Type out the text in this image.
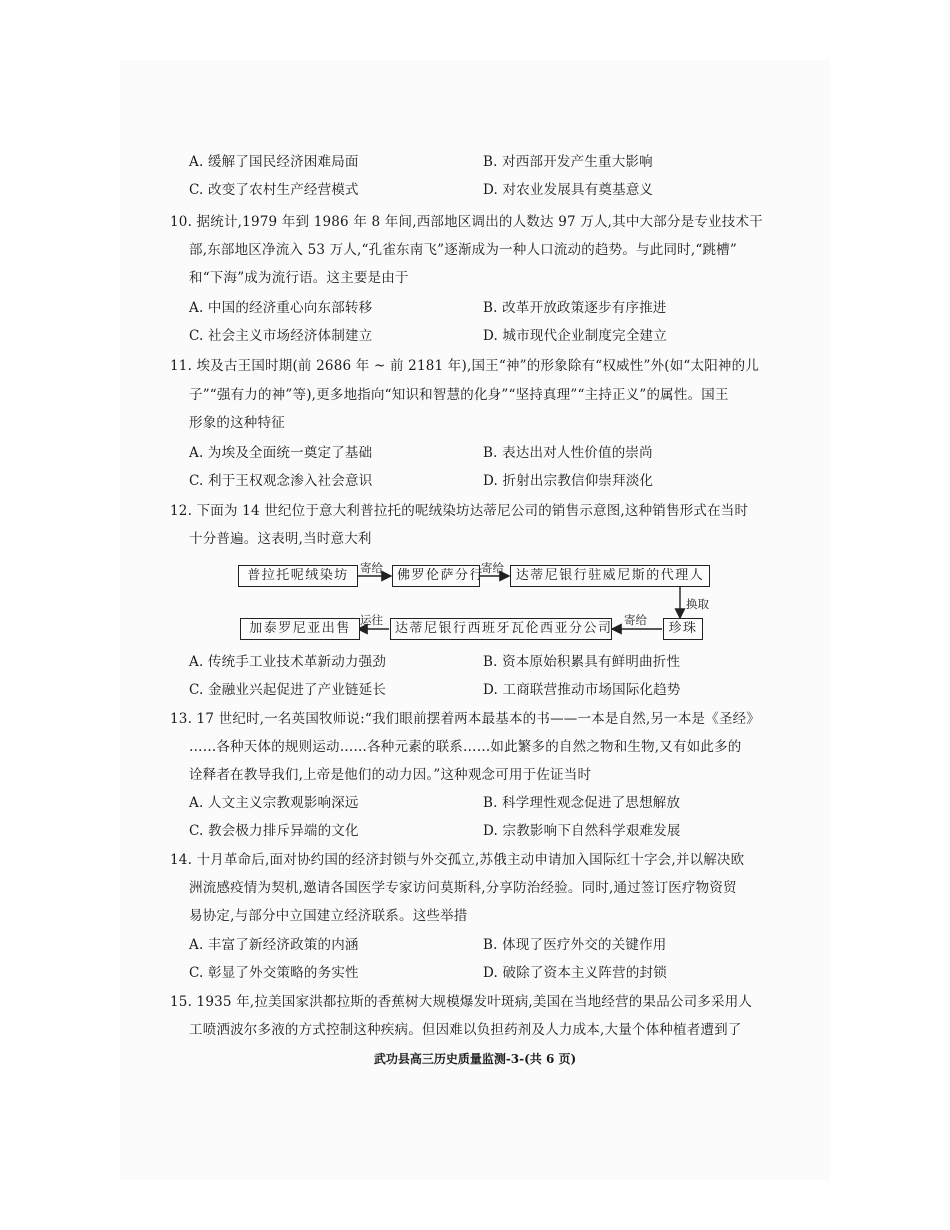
A. 缓解了国民经济困难局面	B. 对西部开发产生重大影响
C. 改变了农村生产经营模式	D. 对农业发展具有奠基意义
10. 据统计,1979 年到 1986 年 8 年间,西部地区调出的人数达 97 万人,其中大部分是专业技术干
部,东部地区净流入 53 万人,“孔雀东南飞”逐渐成为一种人口流动的趋势。与此同时,“跳槽”
和“下海”成为流行语。这主要是由于
A. 中国的经济重心向东部转移	B. 改革开放政策逐步有序推进
C. 社会主义市场经济体制建立	D. 城市现代企业制度完全建立
11. 埃及古王国时期(前 2686 年 ~ 前 2181 年),国王“神”的形象除有“权威性”外(如“太阳神的儿
子”“强有力的神”等),更多地指向“知识和智慧的化身”“坚持真理”“主持正义”的属性。国王
形象的这种特征
A. 为埃及全面统一奠定了基础	B. 表达出对人性价值的崇尚
C. 利于王权观念渗入社会意识	D. 折射出宗教信仰崇拜淡化
12. 下面为 14 世纪位于意大利普拉托的呢绒染坊达蒂尼公司的销售示意图,这种销售形式在当时
十分普遍。这表明,当时意大利
普拉托呢绒染坊	佛罗伦萨分行	达蒂尼银行驻威尼斯的代理人
珍珠
达蒂尼银行西班牙瓦伦西亚分公司
加泰罗尼亚出售
寄给	寄给
换取
寄给
运往
A. 传统手工业技术革新动力强劲	B. 资本原始积累具有鲜明曲折性
C. 金融业兴起促进了产业链延长	D. 工商联营推动市场国际化趋势
13. 17 世纪时,一名英国牧师说:“我们眼前摆着两本最基本的书——一本是自然,另一本是《圣经》
……各种天体的规则运动……各种元素的联系……如此繁多的自然之物和生物,又有如此多的
诠释者在教导我们,上帝是他们的动力因。”这种观念可用于佐证当时
A. 人文主义宗教观影响深远	B. 科学理性观念促进了思想解放
C. 教会极力排斥异端的文化	D. 宗教影响下自然科学艰难发展
14. 十月革命后,面对协约国的经济封锁与外交孤立,苏俄主动申请加入国际红十字会,并以解决欧
洲流感疫情为契机,邀请各国医学专家访问莫斯科,分享防治经验。同时,通过签订医疗物资贸
易协定,与部分中立国建立经济联系。这些举措
A. 丰富了新经济政策的内涵	B. 体现了医疗外交的关键作用
C. 彰显了外交策略的务实性	D. 破除了资本主义阵营的封锁
15. 1935 年,拉美国家洪都拉斯的香蕉树大规模爆发叶斑病,美国在当地经营的果品公司多采用人
工喷洒波尔多液的方式控制这种疾病。但因难以负担药剂及人力成本,大量个体种植者遭到了
武功县高三历史质量监测-3-(共 6 页)
